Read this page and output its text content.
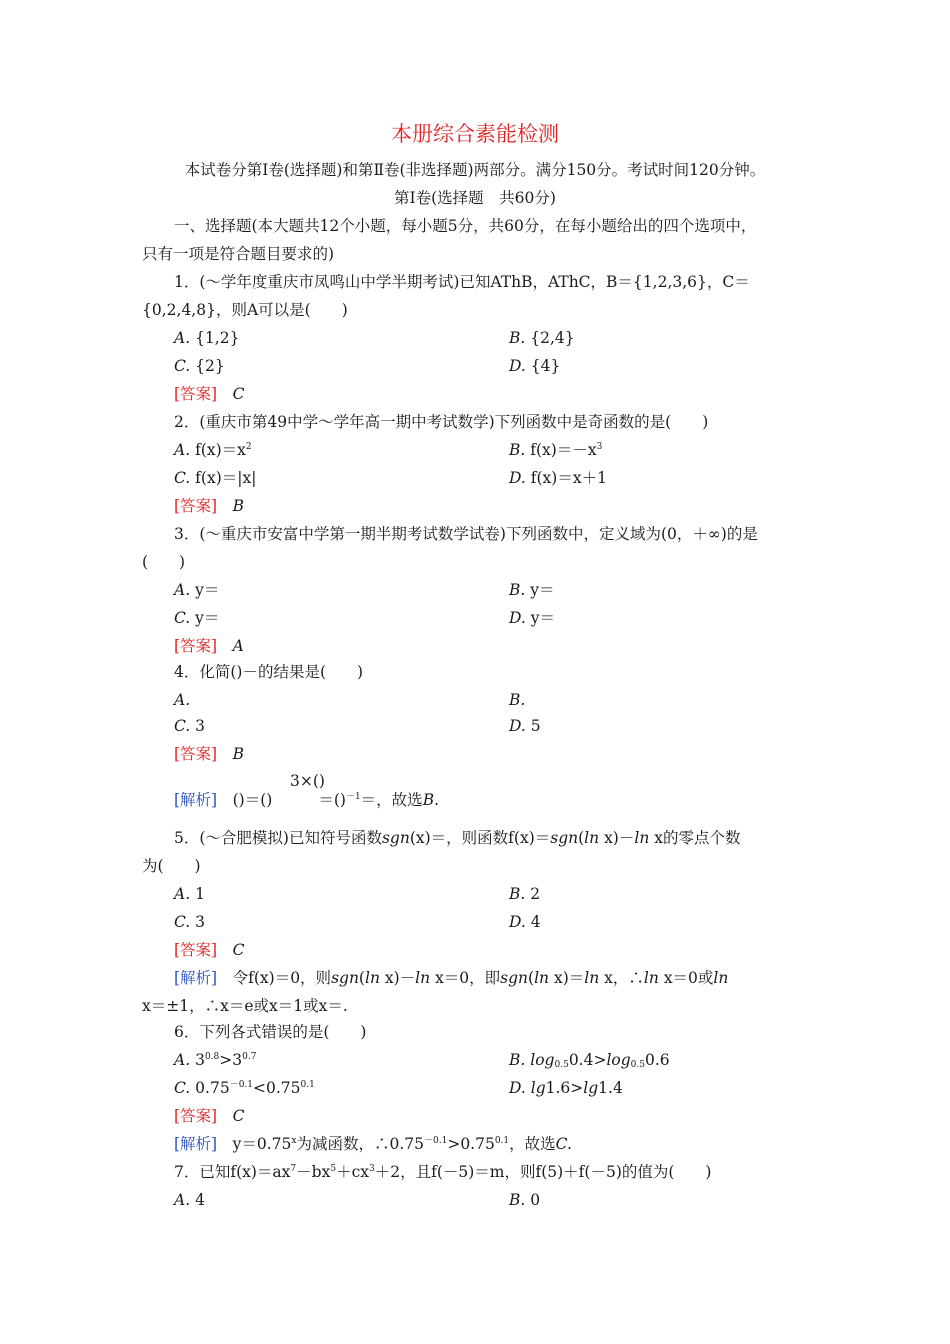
本册综合素能检测
本试卷分第Ⅰ卷(选择题)和第Ⅱ卷(非选择题)两部分。满分150分。考试时间120分钟。
第Ⅰ卷(选择题　共60分)
一、选择题(本大题共12个小题，每小题5分，共60分，在每小题给出的四个选项中，
只有一项是符合题目要求的)
1．(～学年度重庆市凤鸣山中学半期考试)已知AThB，AThC，B＝{1,2,3,6}，C＝
{0,2,4,8}，则A可以是(　　)
A. {1,2}	B. {2,4}
C. {2}	D. {4}
[答案]　 C
2．(重庆市第49中学～学年高一期中考试数学)下列函数中是奇函数的是(　　)
A. $f(x)=x^2$	B. $f(x)=-x^3$
C. f(x)＝|x|	D. f(x)＝x＋1
[答案]　 B
3．(～重庆市安富中学第一期半期考试数学试卷)下列函数中，定义域为(0，＋∞)的是
(　　)
A. y＝	B. y＝
C. y＝	D. y＝
[答案]　 A
4．化简()－的结果是(　　)
A.	B.
C. 3	D. 5
[答案]　 B
3×()
[解析]　 ()＝()	＝()$^{-1}$＝，故选B.
5．(～合肥模拟)已知符号函数sgn(x)＝，则函数f(x)＝sgn(ln x)－ln x的零点个数
为(　　)
A. 1	B. 2
C. 3	D. 4
[答案]　 C
[解析]　 令f(x)＝0，则sgn(ln x)－ln x＝0，即sgn(ln x)＝ln x，∴ln x＝0或ln
x＝±1，∴x＝e或x＝1或x＝.
6．下列各式错误的是(　　)
A. $3^{0.8}>3^{0.7}$	B. $\log_{0.5}0.4>\log_{0.5}0.6$
C. $0.75^{-0.1}<0.75^{0.1}$	D. lg1.6>lg1.4
[答案]　 C
[解析]　 $y=0.75^x$为减函数，$\therefore 0.75^{-0.1}>0.75^{0.1}$，故选C.
7．已知$f(x)=ax^7-bx^5+cx^3+2$，且f(－5)＝m，则f(5)＋f(－5)的值为(　　)
A. 4	B. 0
